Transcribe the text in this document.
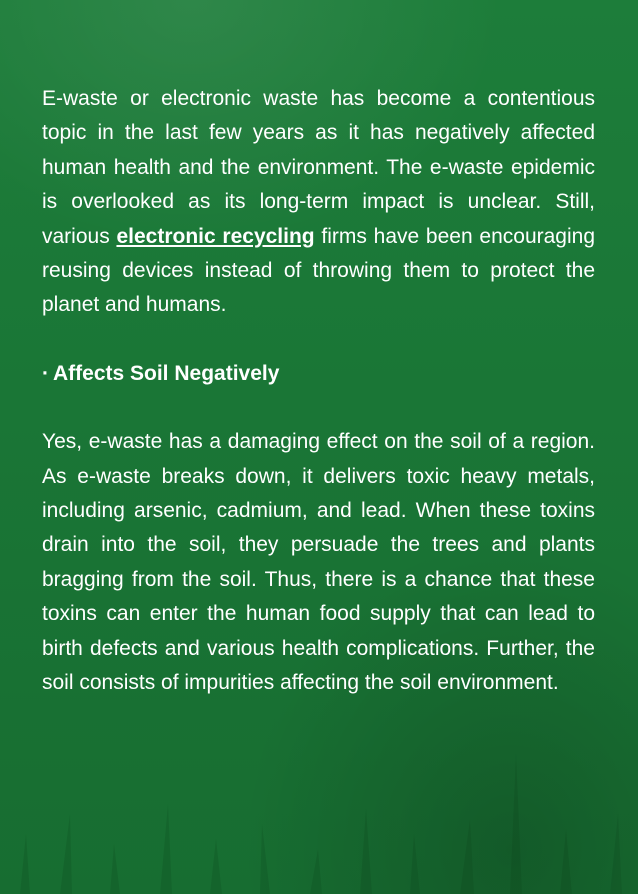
E-waste or electronic waste has become a contentious topic in the last few years as it has negatively affected human health and the environment. The e-waste epidemic is overlooked as its long-term impact is unclear. Still, various electronic recycling firms have been encouraging reusing devices instead of throwing them to protect the planet and humans.

· Affects Soil Negatively

Yes, e-waste has a damaging effect on the soil of a region. As e-waste breaks down, it delivers toxic heavy metals, including arsenic, cadmium, and lead. When these toxins drain into the soil, they persuade the trees and plants bragging from the soil. Thus, there is a chance that these toxins can enter the human food supply that can lead to birth defects and various health complications. Further, the soil consists of impurities affecting the soil environment.
